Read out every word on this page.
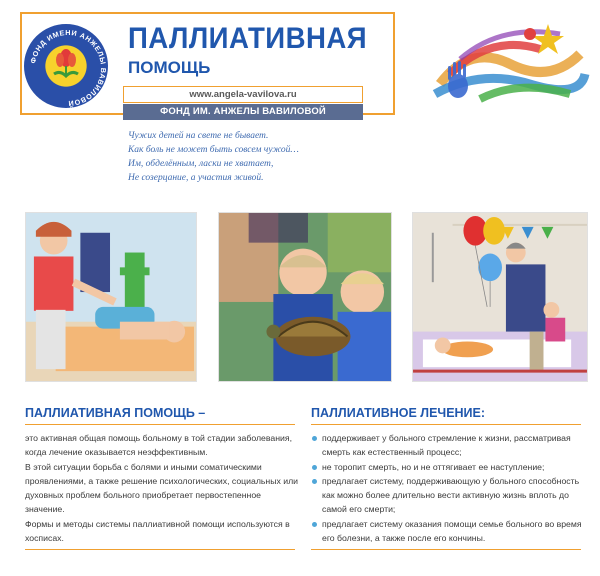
ФОНД ИМЕНИ АНЖЕЛЫ ВАВИЛОВОЙ
ПАЛЛИАТИВНАЯ
ПОМОЩЬ
www.angela-vavilova.ru
ФОНД ИМ. АНЖЕЛЫ ВАВИЛОВОЙ
Чужих детей на свете не бывает.
Как боль не может быть совсем чужой…
Им, обделённым, ласки не хватает,
Не созерцание, а участия живой.
ПАЛЛИАТИВНАЯ ПОМОЩЬ –

это активная общая помощь больному в той стадии заболевания, когда лечение оказывается неэффективным.

В этой ситуации борьба с болями и иными соматическими проявлениями, а также решение психологических, социальных или духовных проблем больного приобретает первостепенное значение.

Формы и методы системы паллиативной помощи используются в хосписах.

ПАЛЛИАТИВНОЕ ЛЕЧЕНИЕ:
поддерживает у больного стремление к жизни, рассматривая смерть как естественный процесс;
не торопит смерть, но и не оттягивает ее наступление;
предлагает систему, поддерживающую у больного способность как можно более длительно вести активную жизнь вплоть до самой его смерти;
предлагает систему оказания помощи семье больного во время его болезни, а также после его кончины.
